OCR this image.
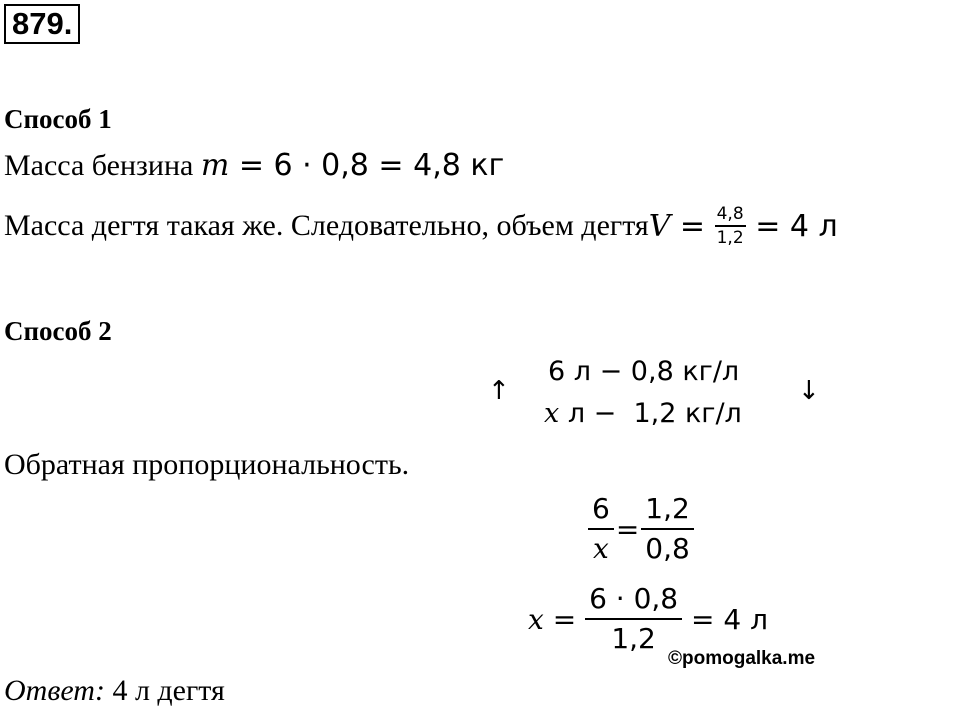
879.
Способ 1
Масса бензина m = 6 · 0,8 = 4,8 кг
Масса дегтя такая же. Следовательно, объем дегтя $V = \frac{4,8}{1,2} = 4$ л
Способ 2
↑	↓
6 л − 0,8 кг/л
x л −  1,2 кг/л
Обратная пропорциональность.
$\frac{6}{x} = \frac{1,2}{0,8}$
$x = \frac{6 \cdot 0,8}{1,2} = 4$ л
©pomogalka.me
Ответ: 4 л дегтя
